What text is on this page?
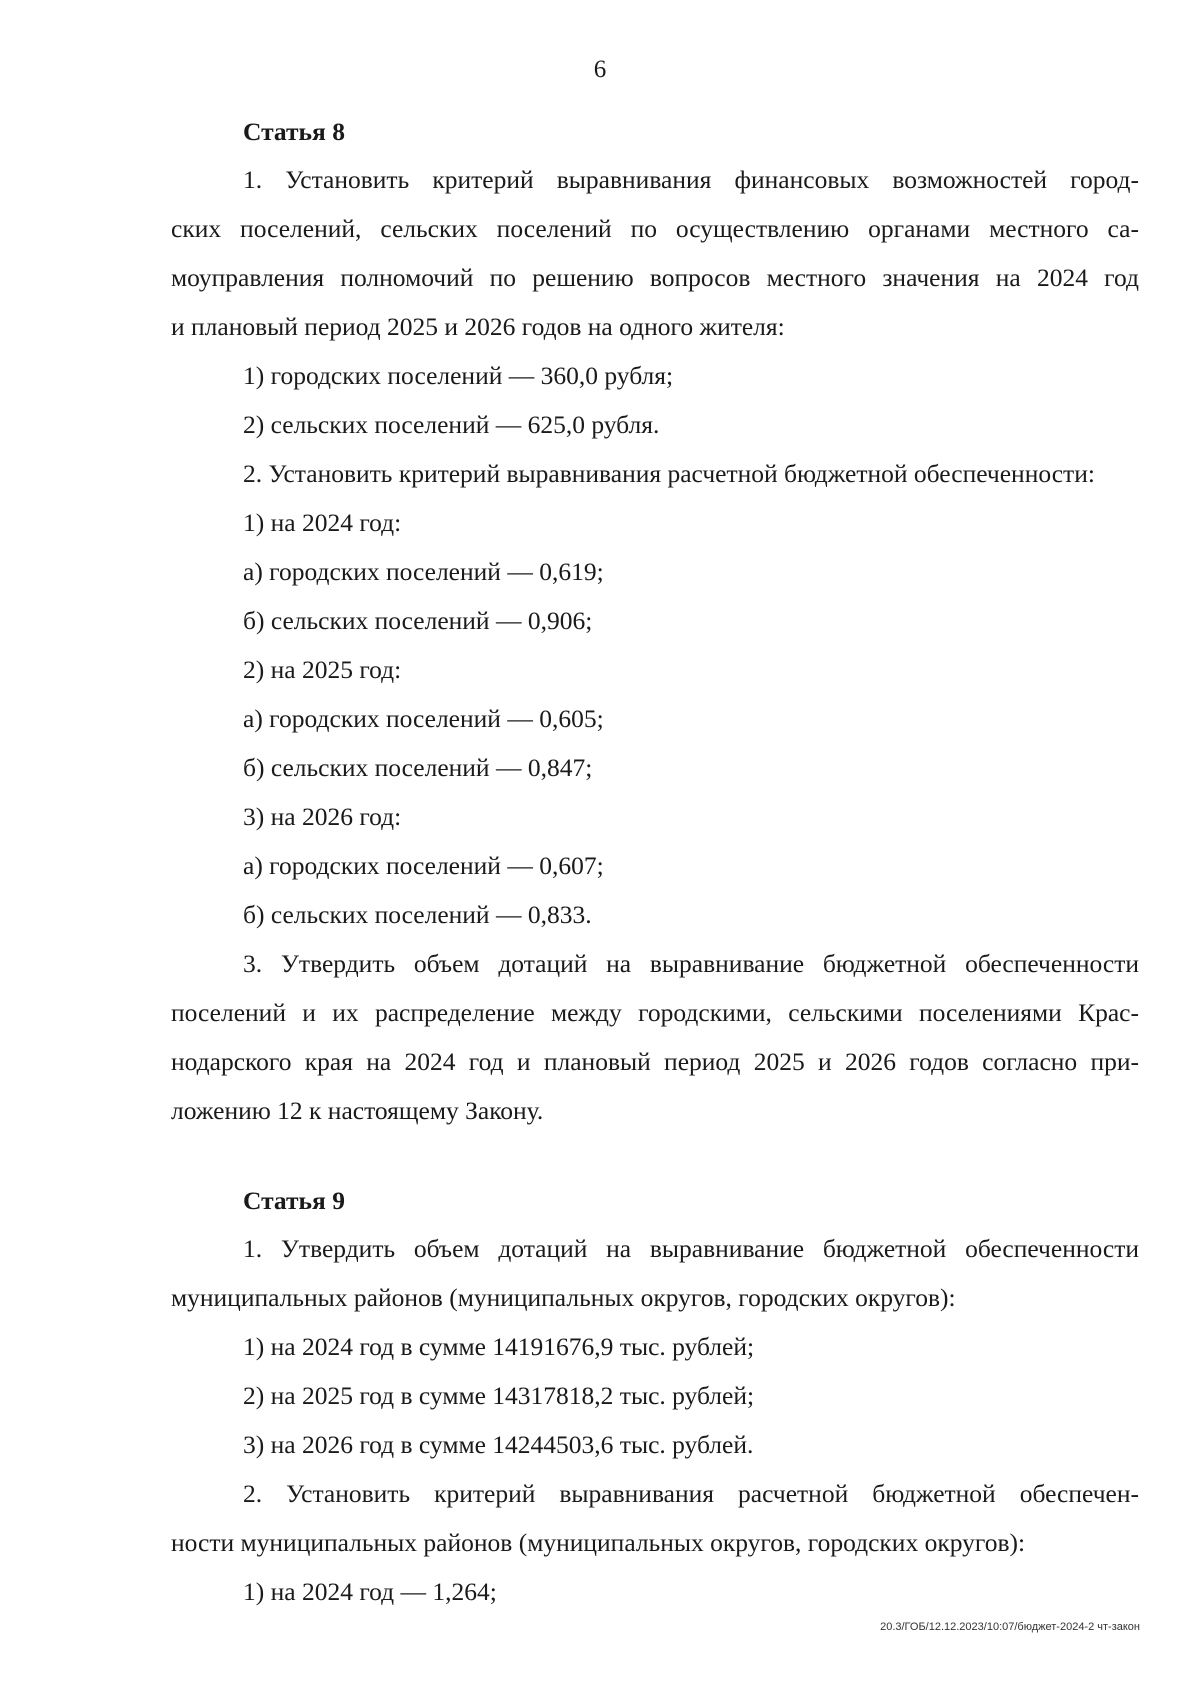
6
Статья 8
1. Установить критерий выравнивания финансовых возможностей город-
ских поселений, сельских поселений по осуществлению органами местного са-
моуправления полномочий по решению вопросов местного значения на 2024 год
и плановый период 2025 и 2026 годов на одного жителя:
1) городских поселений — 360,0 рубля;
2) сельских поселений — 625,0 рубля.
2. Установить критерий выравнивания расчетной бюджетной обеспеченности:
1) на 2024 год:
а) городских поселений — 0,619;
б) сельских поселений — 0,906;
2) на 2025 год:
а) городских поселений — 0,605;
б) сельских поселений — 0,847;
3) на 2026 год:
а) городских поселений — 0,607;
б) сельских поселений — 0,833.
3. Утвердить объем дотаций на выравнивание бюджетной обеспеченности
поселений и их распределение между городскими, сельскими поселениями Крас-
нодарского края на 2024 год и плановый период 2025 и 2026 годов согласно при-
ложению 12 к настоящему Закону.
Статья 9
1. Утвердить объем дотаций на выравнивание бюджетной обеспеченности
муниципальных районов (муниципальных округов, городских округов):
1) на 2024 год в сумме 14191676,9 тыс. рублей;
2) на 2025 год в сумме 14317818,2 тыс. рублей;
3) на 2026 год в сумме 14244503,6 тыс. рублей.
2. Установить критерий выравнивания расчетной бюджетной обеспечен-
ности муниципальных районов (муниципальных округов, городских округов):
1) на 2024 год — 1,264;
20.3/ГОБ/12.12.2023/10:07/бюджет-2024-2 чт-закон
